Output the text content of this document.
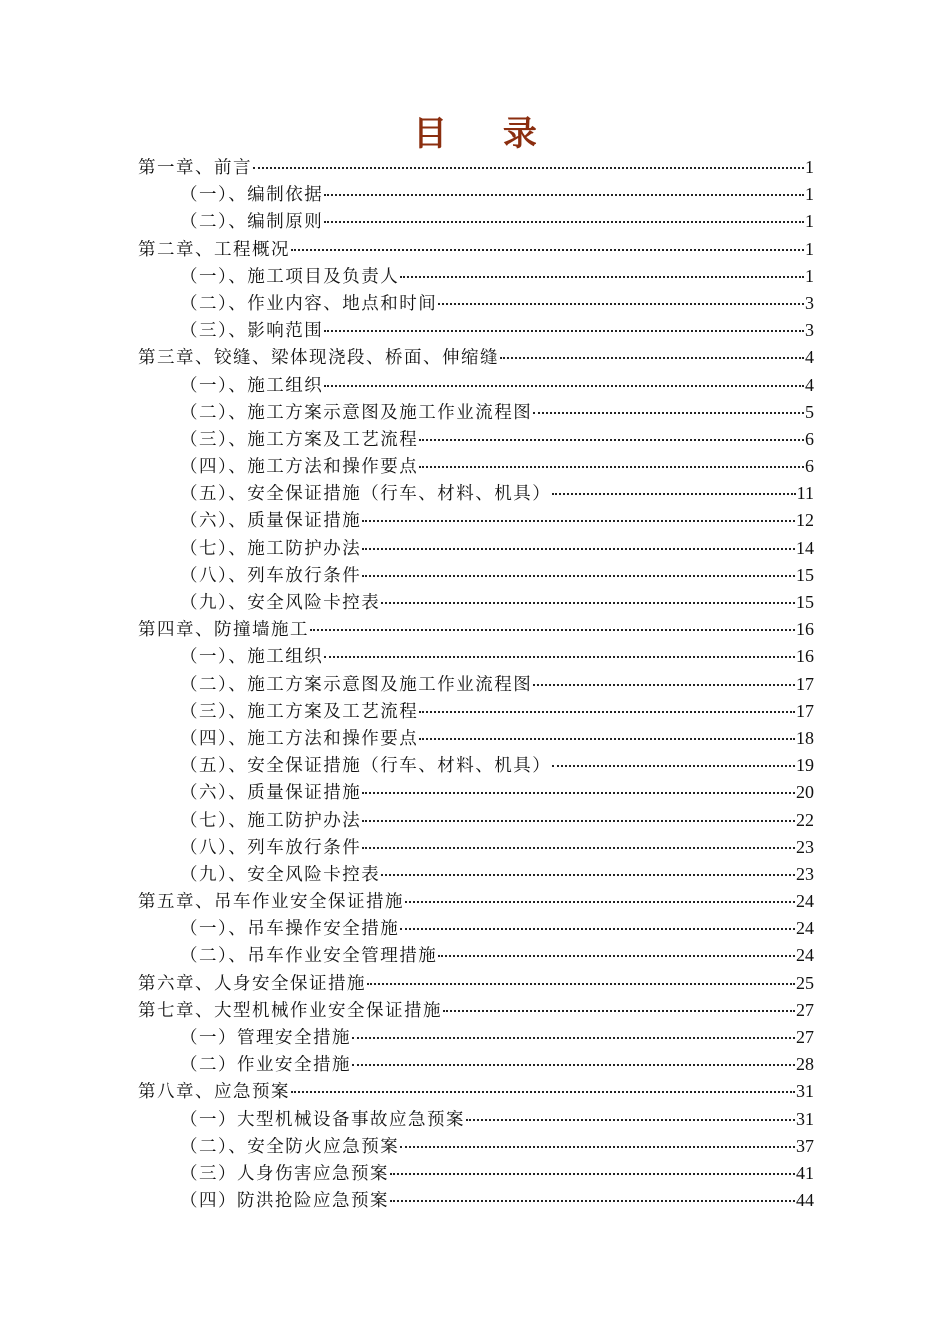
目 录
第一章、前言	1
（一）、编制依据	1
（二）、编制原则	1
第二章、工程概况	1
（一）、施工项目及负责人	1
（二）、作业内容、地点和时间	3
（三）、影响范围	3
第三章、铰缝、梁体现浇段、桥面、伸缩缝	4
（一）、施工组织	4
（二）、施工方案示意图及施工作业流程图	5
（三）、施工方案及工艺流程	6
（四）、施工方法和操作要点	6
（五）、安全保证措施（行车、材料、机具）	11
（六）、质量保证措施	12
（七）、施工防护办法	14
（八）、列车放行条件	15
（九）、安全风险卡控表	15
第四章、防撞墙施工	16
（一）、施工组织	16
（二）、施工方案示意图及施工作业流程图	17
（三）、施工方案及工艺流程	17
（四）、施工方法和操作要点	18
（五）、安全保证措施（行车、材料、机具）	19
（六）、质量保证措施	20
（七）、施工防护办法	22
（八）、列车放行条件	23
（九）、安全风险卡控表	23
第五章、吊车作业安全保证措施	24
（一）、吊车操作安全措施	24
（二）、吊车作业安全管理措施	24
第六章、人身安全保证措施	25
第七章、大型机械作业安全保证措施	27
（一）管理安全措施	27
（二）作业安全措施	28
第八章、应急预案	31
（一）大型机械设备事故应急预案	31
（二）、安全防火应急预案	37
（三）人身伤害应急预案	41
（四）防洪抢险应急预案	44
